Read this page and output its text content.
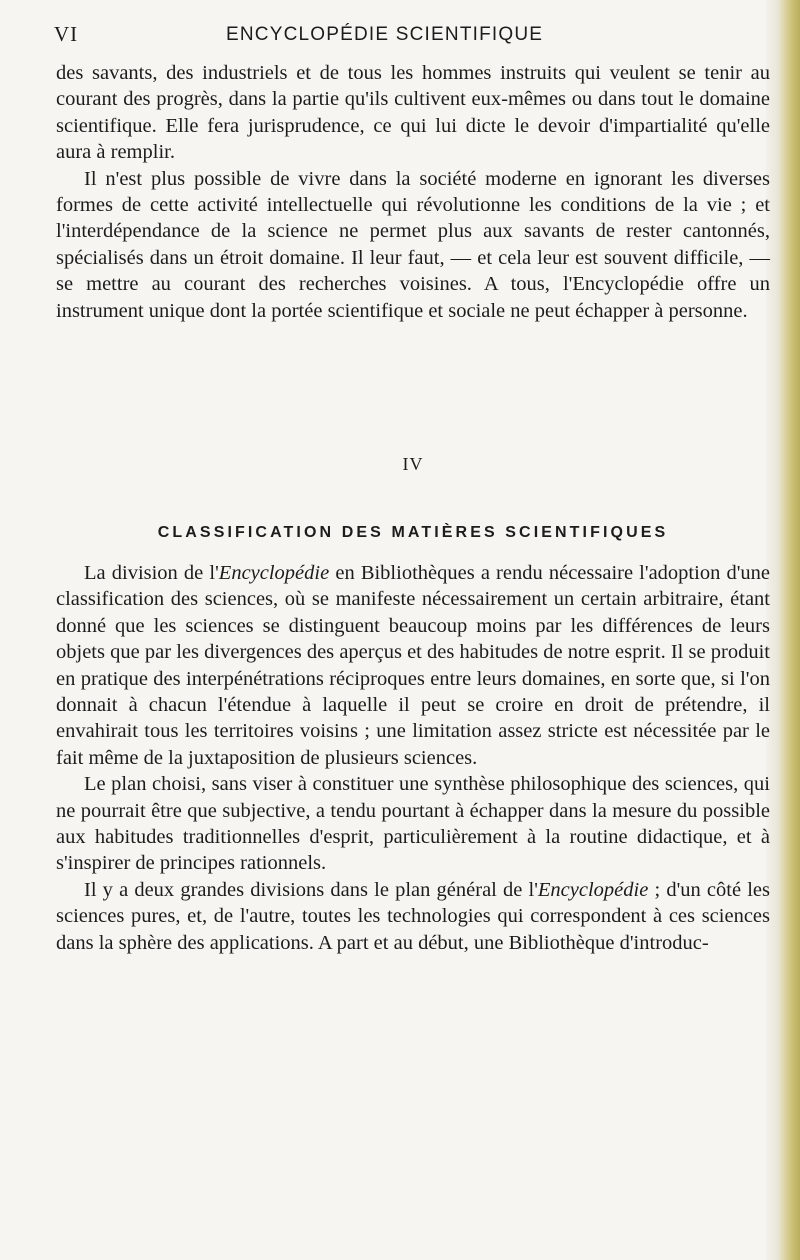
VI	ENCYCLOPÉDIE SCIENTIFIQUE

des savants, des industriels et de tous les hommes instruits qui veulent se tenir au courant des progrès, dans la partie qu'ils cultivent eux-mêmes ou dans tout le domaine scientifique. Elle fera jurisprudence, ce qui lui dicte le devoir d'impartialité qu'elle aura à remplir.

Il n'est plus possible de vivre dans la société moderne en ignorant les diverses formes de cette activité intellectuelle qui révolutionne les conditions de la vie ; et l'interdépendance de la science ne permet plus aux savants de rester cantonnés, spécialisés dans un étroit domaine. Il leur faut, — et cela leur est souvent difficile, — se mettre au courant des recherches voisines. A tous, l'Encyclopédie offre un instrument unique dont la portée scientifique et sociale ne peut échapper à personne.

IV
CLASSIFICATION DES MATIÈRES SCIENTIFIQUES

La division de l'Encyclopédie en Bibliothèques a rendu nécessaire l'adoption d'une classification des sciences, où se manifeste nécessairement un certain arbitraire, étant donné que les sciences se distinguent beaucoup moins par les différences de leurs objets que par les divergences des aperçus et des habitudes de notre esprit. Il se produit en pratique des interpénétrations réciproques entre leurs domaines, en sorte que, si l'on donnait à chacun l'étendue à laquelle il peut se croire en droit de prétendre, il envahirait tous les territoires voisins ; une limitation assez stricte est nécessitée par le fait même de la juxtaposition de plusieurs sciences.

Le plan choisi, sans viser à constituer une synthèse philosophique des sciences, qui ne pourrait être que subjective, a tendu pourtant à échapper dans la mesure du possible aux habitudes traditionnelles d'esprit, particulièrement à la routine didactique, et à s'inspirer de principes rationnels.

Il y a deux grandes divisions dans le plan général de l'Encyclopédie ; d'un côté les sciences pures, et, de l'autre, toutes les technologies qui correspondent à ces sciences dans la sphère des applications. A part et au début, une Bibliothèque d'introduc-
